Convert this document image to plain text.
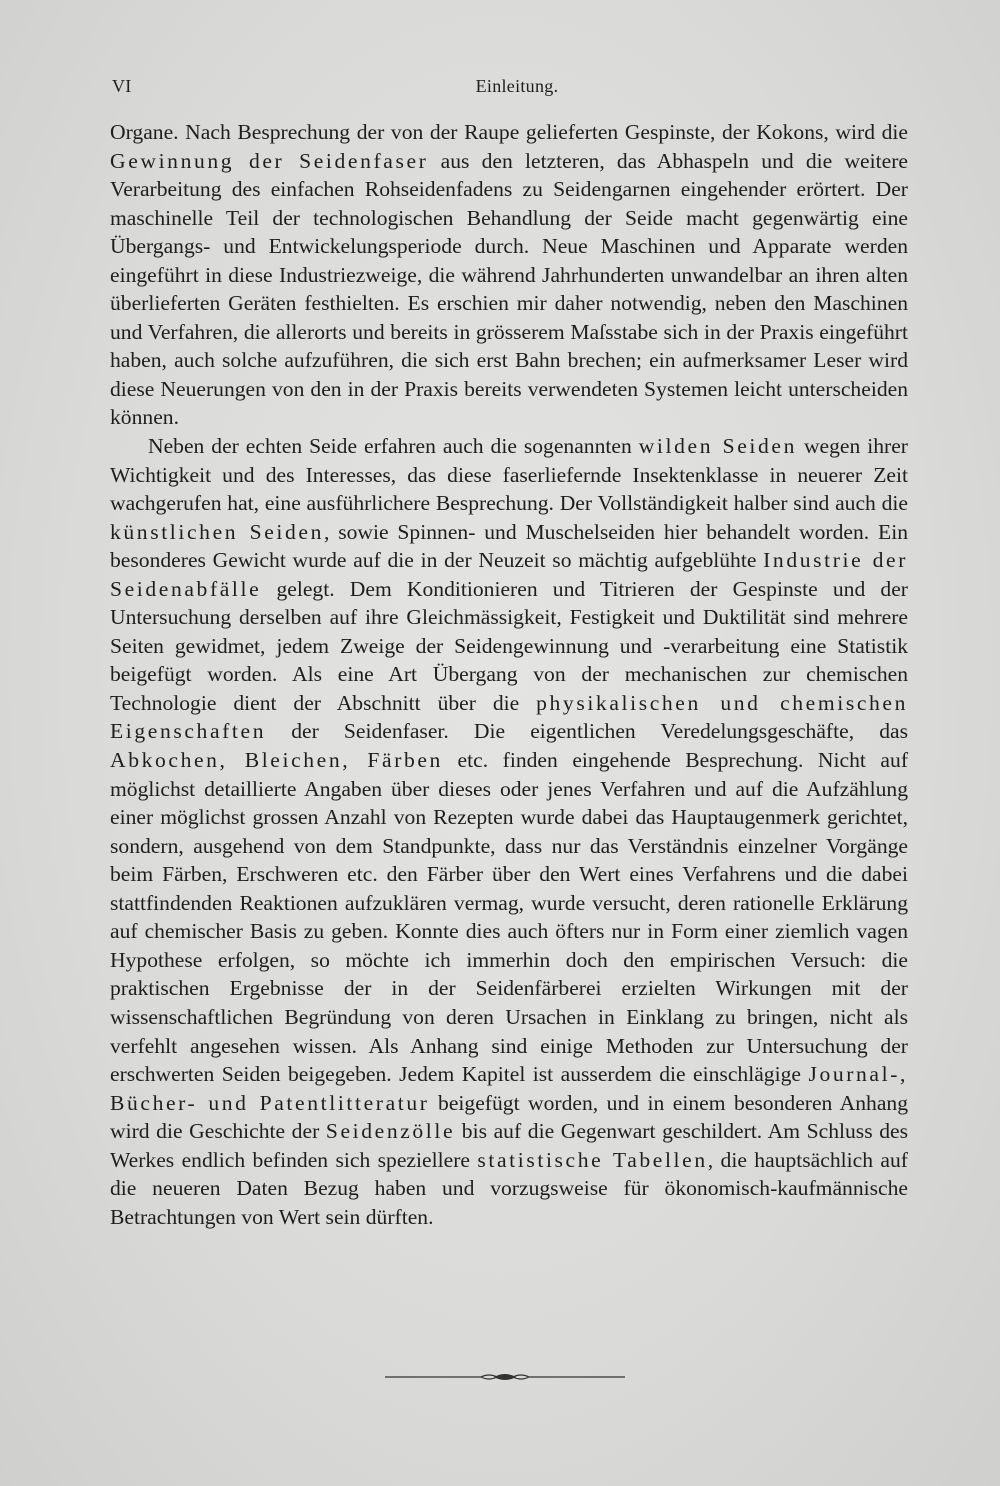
VI	Einleitung.

Organe. Nach Besprechung der von der Raupe gelieferten Gespinste, der Kokons, wird die Gewinnung der Seidenfaser aus den letzteren, das Abhaspeln und die weitere Verarbeitung des einfachen Rohseidenfadens zu Seidengarnen eingehender erörtert. Der maschinelle Teil der technologischen Behandlung der Seide macht gegenwärtig eine Übergangs- und Entwickelungsperiode durch. Neue Maschinen und Apparate werden eingeführt in diese Industriezweige, die während Jahrhunderten unwandelbar an ihren alten überlieferten Geräten festhielten. Es erschien mir daher notwendig, neben den Maschinen und Verfahren, die allerorts und bereits in grösserem Maſsstabe sich in der Praxis eingeführt haben, auch solche aufzuführen, die sich erst Bahn brechen; ein aufmerksamer Leser wird diese Neuerungen von den in der Praxis bereits verwendeten Systemen leicht unterscheiden können.

Neben der echten Seide erfahren auch die sogenannten wilden Seiden wegen ihrer Wichtigkeit und des Interesses, das diese faserliefernde Insektenklasse in neuerer Zeit wachgerufen hat, eine ausführlichere Besprechung. Der Vollständigkeit halber sind auch die künstlichen Seiden, sowie Spinnen- und Muschelseiden hier behandelt worden. Ein besonderes Gewicht wurde auf die in der Neuzeit so mächtig aufgeblühte Industrie der Seidenabfälle gelegt. Dem Konditionieren und Titrieren der Gespinste und der Untersuchung derselben auf ihre Gleichmässigkeit, Festigkeit und Duktilität sind mehrere Seiten gewidmet, jedem Zweige der Seidengewinnung und -verarbeitung eine Statistik beigefügt worden. Als eine Art Übergang von der mechanischen zur chemischen Technologie dient der Abschnitt über die physikalischen und chemischen Eigenschaften der Seidenfaser. Die eigentlichen Veredelungsgeschäfte, das Abkochen, Bleichen, Färben etc. finden eingehende Besprechung. Nicht auf möglichst detaillierte Angaben über dieses oder jenes Verfahren und auf die Aufzählung einer möglichst grossen Anzahl von Rezepten wurde dabei das Hauptaugenmerk gerichtet, sondern, ausgehend von dem Standpunkte, dass nur das Verständnis einzelner Vorgänge beim Färben, Erschweren etc. den Färber über den Wert eines Verfahrens und die dabei stattfindenden Reaktionen aufzuklären vermag, wurde versucht, deren rationelle Erklärung auf chemischer Basis zu geben. Konnte dies auch öfters nur in Form einer ziemlich vagen Hypothese erfolgen, so möchte ich immerhin doch den empirischen Versuch: die praktischen Ergebnisse der in der Seidenfärberei erzielten Wirkungen mit der wissenschaftlichen Begründung von deren Ursachen in Einklang zu bringen, nicht als verfehlt angesehen wissen. Als Anhang sind einige Methoden zur Untersuchung der erschwerten Seiden beigegeben. Jedem Kapitel ist ausserdem die einschlägige Journal-, Bücher- und Patentlitteratur beigefügt worden, und in einem besonderen Anhang wird die Geschichte der Seidenzölle bis auf die Gegenwart geschildert. Am Schluss des Werkes endlich befinden sich speziellere statistische Tabellen, die hauptsächlich auf die neueren Daten Bezug haben und vorzugsweise für ökonomisch-kaufmännische Betrachtungen von Wert sein dürften.
